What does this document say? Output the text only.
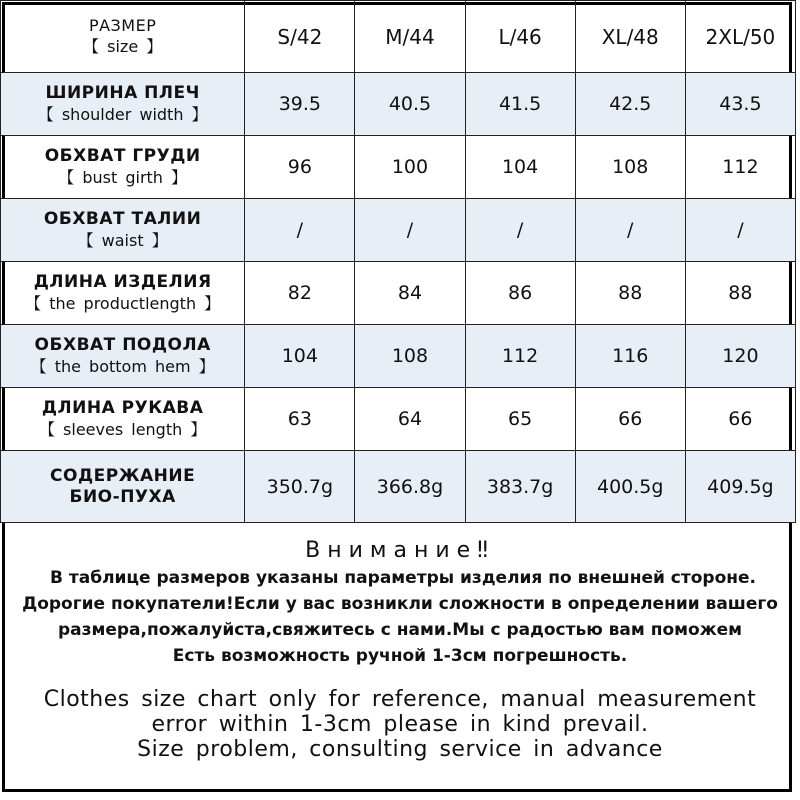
РАЗМЕР
【 size 】	S/42	M/44	L/46	XL/48	2XL/50

ШИРИНА ПЛЕЧ
【 shoulder width 】	39.5	40.5	41.5	42.5	43.5

ОБХВАТ ГРУДИ
【 bust girth 】	96	100	104	108	112

ОБХВАТ ТАЛИИ
【 waist 】	/	/	/	/	/

ДЛИНА ИЗДЕЛИЯ
【 the productlength 】	82	84	86	88	88

ОБХВАТ ПОДОЛА
【 the bottom hem 】	104	108	112	116	120

ДЛИНА РУКАВА
【 sleeves length 】	63	64	65	66	66

СОДЕРЖАНИЕ
БИО-ПУХА	350.7g	366.8g	383.7g	400.5g	409.5g
Внимание‼
В таблице размеров указаны параметры изделия по внешней стороне.
Дорогие покупатели!Если у вас возникли сложности в определении вашего
размера,пожалуйста,свяжитесь с нами.Мы с радостью вам поможем
Есть возможность ручной 1-3см погрешность.
Clothes size chart only for reference, manual measurement
error within 1-3cm please in kind prevail.
Size problem, consulting service in advance
